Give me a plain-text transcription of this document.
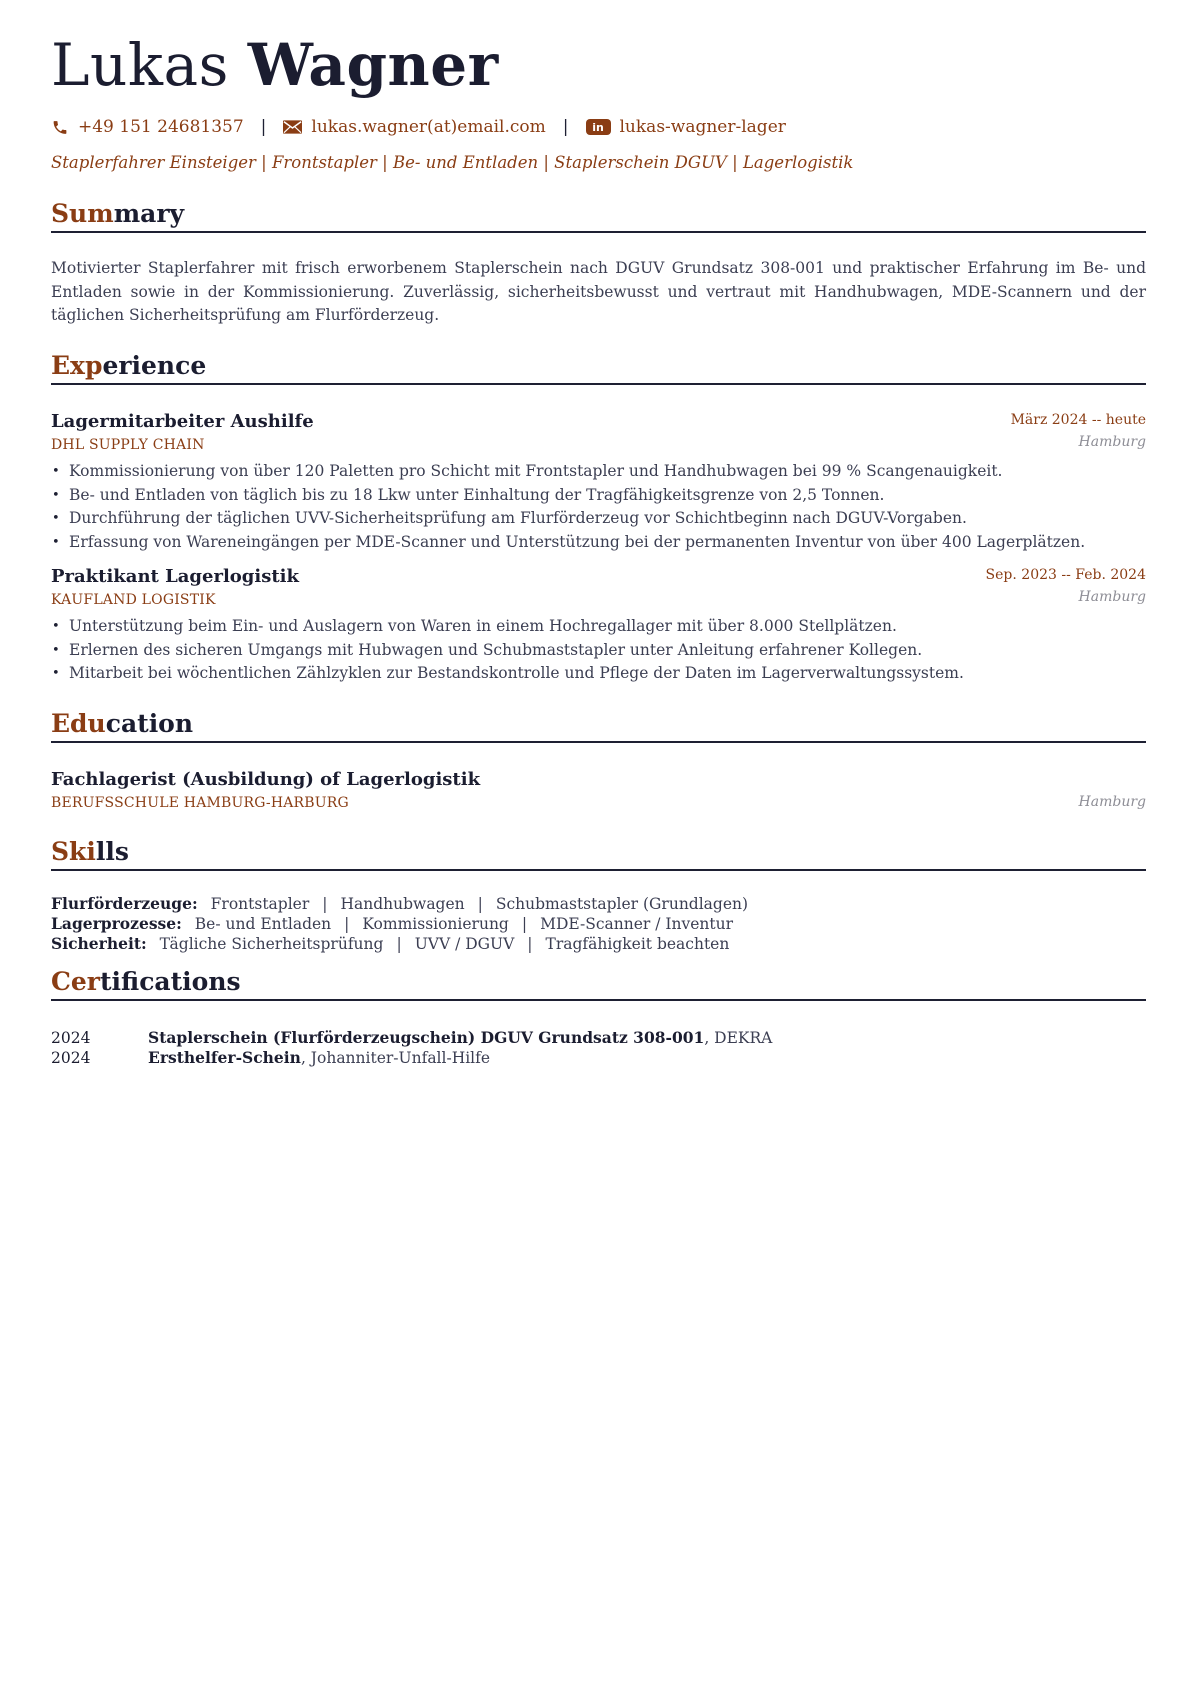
Lukas Wagner
+49 151 24681357 |	lukas.wagner(at)email.com |	in lukas-wagner-lager
Staplerfahrer Einsteiger | Frontstapler | Be- und Entladen | Staplerschein DGUV | Lagerlogistik
Summary
Motivierter Staplerfahrer mit frisch erworbenem Staplerschein nach DGUV Grundsatz 308-001 und praktischer Erfahrung im Be- und Entladen sowie in der Kommissionierung. Zuverlässig, sicherheitsbewusst und vertraut mit Handhubwagen, MDE-Scannern und der täglichen Sicherheitsprüfung am Flurförderzeug.
Experience
Lagermitarbeiter Aushilfe	März 2024 -- heute
DHL SUPPLY CHAIN	Hamburg
• Kommissionierung von über 120 Paletten pro Schicht mit Frontstapler und Handhubwagen bei 99 % Scangenauigkeit.
• Be- und Entladen von täglich bis zu 18 Lkw unter Einhaltung der Tragfähigkeitsgrenze von 2,5 Tonnen.
• Durchführung der täglichen UVV-Sicherheitsprüfung am Flurförderzeug vor Schichtbeginn nach DGUV-Vorgaben.
• Erfassung von Wareneingängen per MDE-Scanner und Unterstützung bei der permanenten Inventur von über 400 Lagerplätzen.
Praktikant Lagerlogistik	Sep. 2023 -- Feb. 2024
KAUFLAND LOGISTIK	Hamburg
• Unterstützung beim Ein- und Auslagern von Waren in einem Hochregallager mit über 8.000 Stellplätzen.
• Erlernen des sicheren Umgangs mit Hubwagen und Schubmaststapler unter Anleitung erfahrener Kollegen.
• Mitarbeit bei wöchentlichen Zählzyklen zur Bestandskontrolle und Pflege der Daten im Lagerverwaltungssystem.
Education
Fachlagerist (Ausbildung) of Lagerlogistik
BERUFSSCHULE HAMBURG-HARBURG	Hamburg
Skills
Flurförderzeuge: Frontstapler | Handhubwagen | Schubmaststapler (Grundlagen)
Lagerprozesse: Be- und Entladen | Kommissionierung | MDE-Scanner / Inventur
Sicherheit: Tägliche Sicherheitsprüfung | UVV / DGUV | Tragfähigkeit beachten
Certifications
2024	Staplerschein (Flurförderzeugschein) DGUV Grundsatz 308-001, DEKRA
2024	Ersthelfer-Schein, Johanniter-Unfall-Hilfe
